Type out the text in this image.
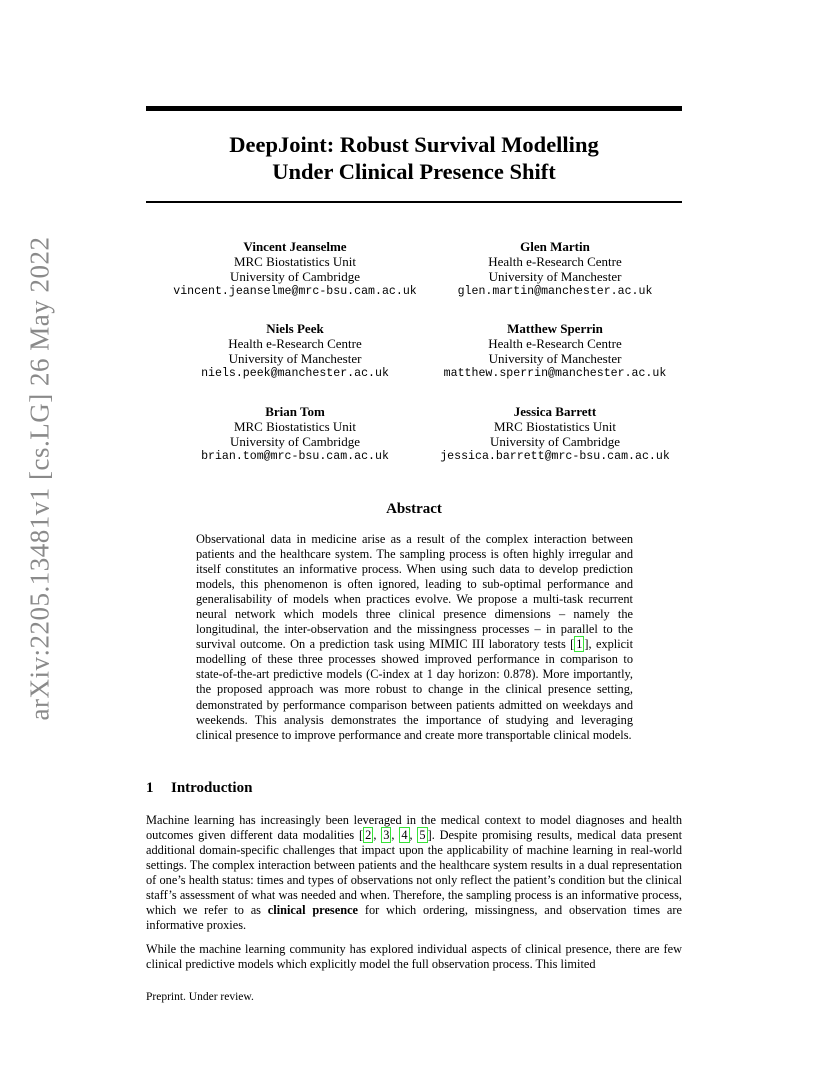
arXiv:2205.13481v1 [cs.LG] 26 May 2022
DeepJoint: Robust Survival Modelling
Under Clinical Presence Shift
Vincent Jeanselme
MRC Biostatistics Unit
University of Cambridge
vincent.jeanselme@mrc-bsu.cam.ac.uk
Glen Martin
Health e-Research Centre
University of Manchester
glen.martin@manchester.ac.uk
Niels Peek
Health e-Research Centre
University of Manchester
niels.peek@manchester.ac.uk
Matthew Sperrin
Health e-Research Centre
University of Manchester
matthew.sperrin@manchester.ac.uk
Brian Tom
MRC Biostatistics Unit
University of Cambridge
brian.tom@mrc-bsu.cam.ac.uk
Jessica Barrett
MRC Biostatistics Unit
University of Cambridge
jessica.barrett@mrc-bsu.cam.ac.uk
Abstract
Observational data in medicine arise as a result of the complex interaction between patients and the healthcare system. The sampling process is often highly irregular and itself constitutes an informative process. When using such data to develop prediction models, this phenomenon is often ignored, leading to sub-optimal performance and generalisability of models when practices evolve. We propose a multi-task recurrent neural network which models three clinical presence dimensions – namely the longitudinal, the inter-observation and the missingness processes – in parallel to the survival outcome. On a prediction task using MIMIC III laboratory tests [ 1 ], explicit modelling of these three processes showed improved performance in comparison to state-of-the-art predictive models (C-index at 1 day horizon: 0.878). More importantly, the proposed approach was more robust to change in the clinical presence setting, demonstrated by performance comparison between patients admitted on weekdays and weekends. This analysis demonstrates the importance of studying and leveraging clinical presence to improve performance and create more transportable clinical models.
1 Introduction
Machine learning has increasingly been leveraged in the medical context to model diagnoses and health outcomes given different data modalities [ 2 , 3 , 4 , 5 ]. Despite promising results, medical data present additional domain-specific challenges that impact upon the applicability of machine learning in real-world settings. The complex interaction between patients and the healthcare system results in a dual representation of one’s health status: times and types of observations not only reflect the patient’s condition but the clinical staff’s assessment of what was needed and when. Therefore, the sampling process is an informative process, which we refer to as clinical presence for which ordering, missingness, and observation times are informative proxies.
While the machine learning community has explored individual aspects of clinical presence, there are few clinical predictive models which explicitly model the full observation process. This limited
Preprint. Under review.
